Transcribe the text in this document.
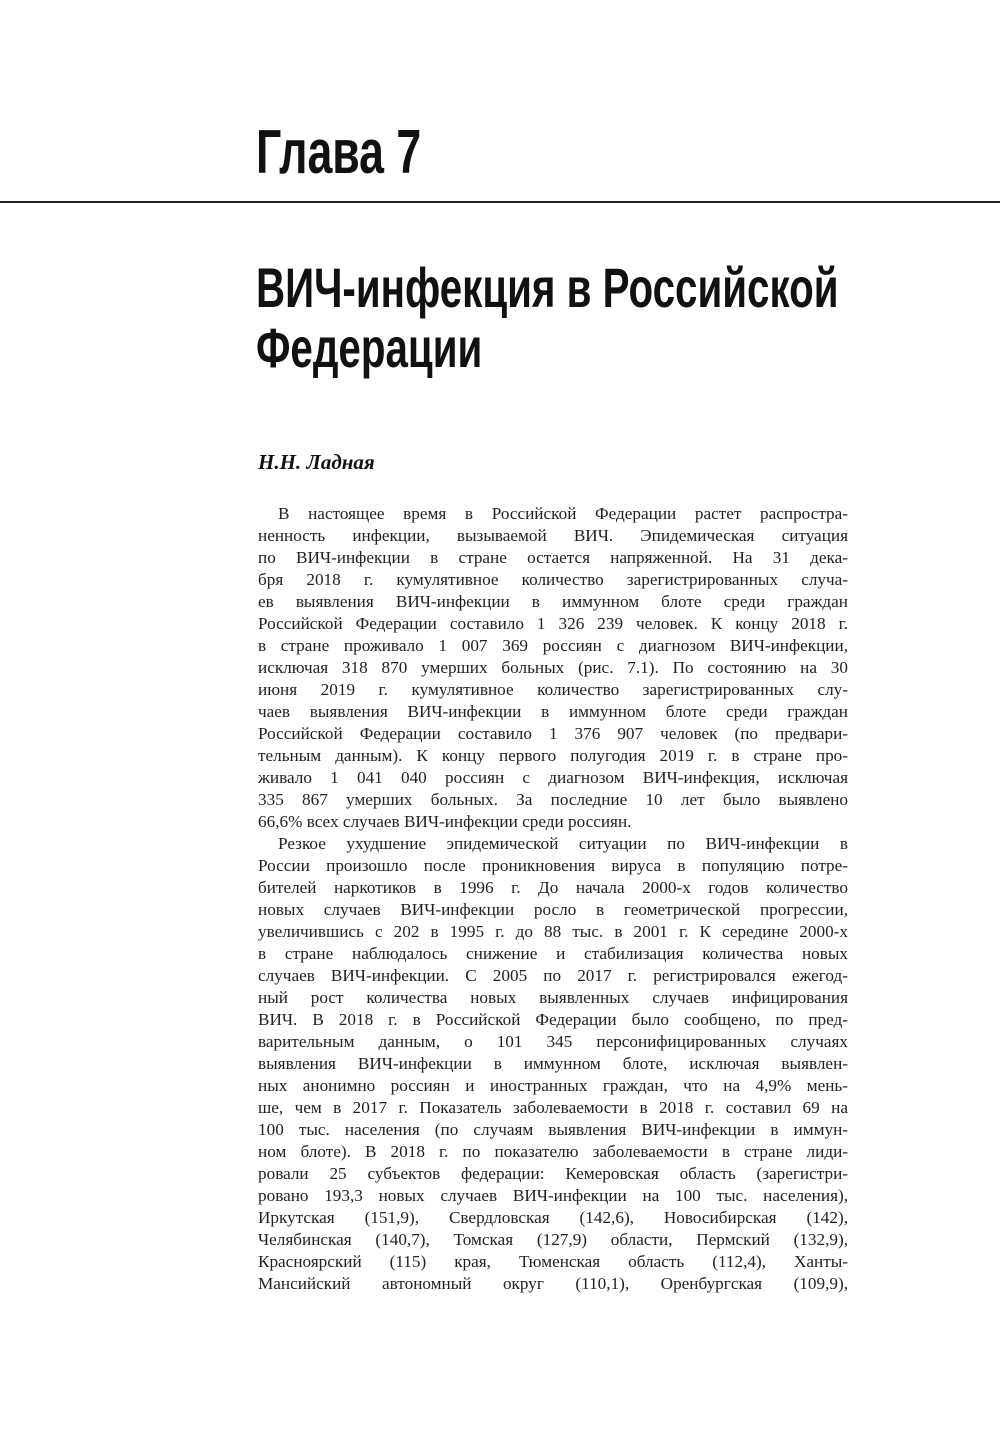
Глава 7
ВИЧ-инфекция в Российской
Федерации
Н.Н. Ладная
В настоящее время в Российской Федерации растет распростра-
ненность инфекции, вызываемой ВИЧ. Эпидемическая ситуация
по ВИЧ-инфекции в стране остается напряженной. На 31 дека-
бря 2018 г. кумулятивное количество зарегистрированных случа-
ев выявления ВИЧ-инфекции в иммунном блоте среди граждан
Российской Федерации составило 1 326 239 человек. К концу 2018 г.
в стране проживало 1 007 369 россиян с диагнозом ВИЧ-инфекции,
исключая 318 870 умерших больных (рис. 7.1). По состоянию на 30
июня 2019 г. кумулятивное количество зарегистрированных слу-
чаев выявления ВИЧ-инфекции в иммунном блоте среди граждан
Российской Федерации составило 1 376 907 человек (по предвари-
тельным данным). К концу первого полугодия 2019 г. в стране про-
живало 1 041 040 россиян с диагнозом ВИЧ-инфекция, исключая
335 867 умерших больных. За последние 10 лет было выявлено
66,6% всех случаев ВИЧ-инфекции среди россиян.
Резкое ухудшение эпидемической ситуации по ВИЧ-инфекции в
России произошло после проникновения вируса в популяцию потре-
бителей наркотиков в 1996 г. До начала 2000-х годов количество
новых случаев ВИЧ-инфекции росло в геометрической прогрессии,
увеличившись с 202 в 1995 г. до 88 тыс. в 2001 г. К середине 2000-х
в стране наблюдалось снижение и стабилизация количества новых
случаев ВИЧ-инфекции. С 2005 по 2017 г. регистрировался ежегод-
ный рост количества новых выявленных случаев инфицирования
ВИЧ. В 2018 г. в Российской Федерации было сообщено, по пред-
варительным данным, о 101 345 персонифицированных случаях
выявления ВИЧ-инфекции в иммунном блоте, исключая выявлен-
ных анонимно россиян и иностранных граждан, что на 4,9% мень-
ше, чем в 2017 г. Показатель заболеваемости в 2018 г. составил 69 на
100 тыс. населения (по случаям выявления ВИЧ-инфекции в иммун-
ном блоте). В 2018 г. по показателю заболеваемости в стране лиди-
ровали 25 субъектов федерации: Кемеровская область (зарегистри-
ровано 193,3 новых случаев ВИЧ-инфекции на 100 тыс. населения),
Иркутская (151,9), Свердловская (142,6), Новосибирская (142),
Челябинская (140,7), Томская (127,9) области, Пермский (132,9),
Красноярский (115) края, Тюменская область (112,4), Ханты-
Мансийский автономный округ (110,1), Оренбургская (109,9),
